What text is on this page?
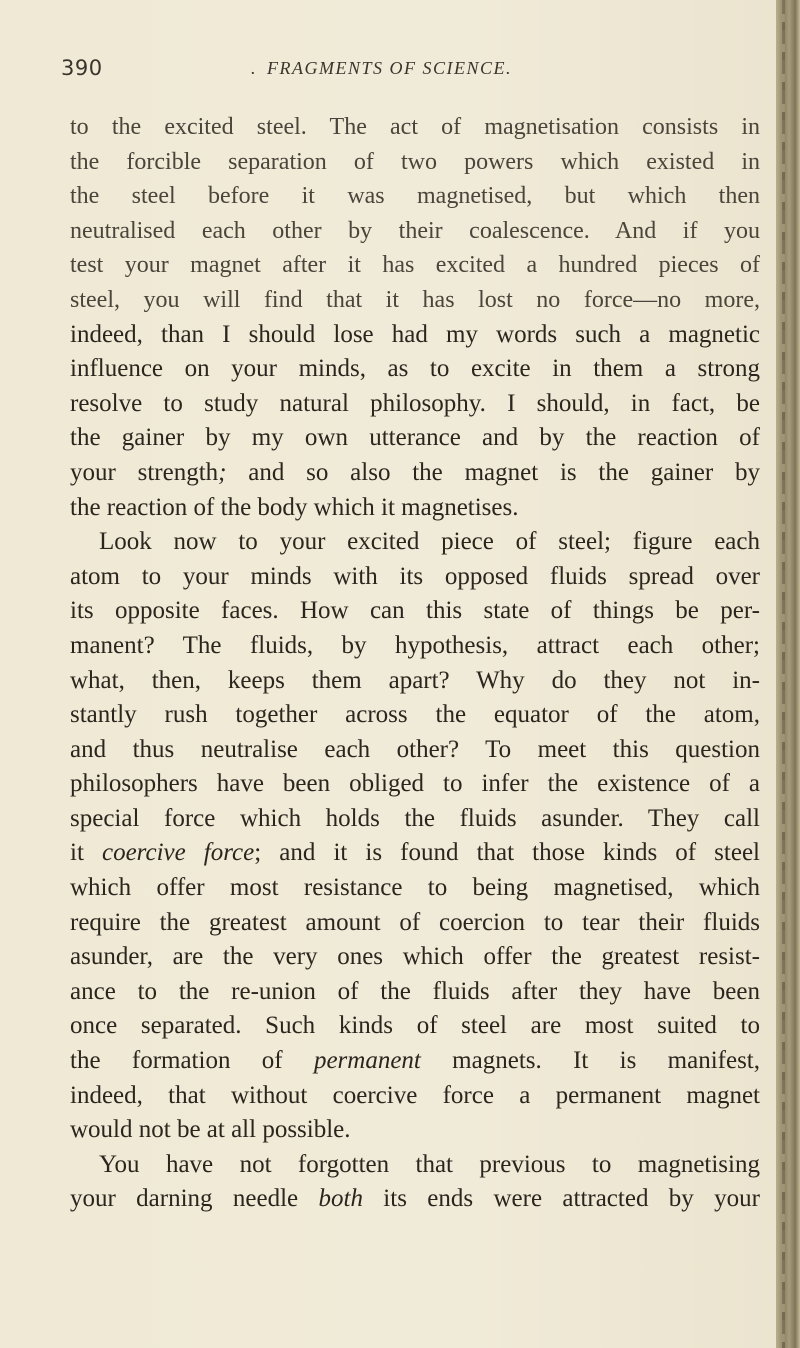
390	. FRAGMENTS OF SCIENCE.
to the excited steel. The act of magnetisation consists in
the forcible separation of two powers which existed in
the steel before it was magnetised, but which then
neutralised each other by their coalescence. And if you
test your magnet after it has excited a hundred pieces of
steel, you will find that it has lost no force—no more,
indeed, than I should lose had my words such a magnetic
influence on your minds, as to excite in them a strong
resolve to study natural philosophy. I should, in fact, be
the gainer by my own utterance and by the reaction of
your strength; and so also the magnet is the gainer by
the reaction of the body which it magnetises.
Look now to your excited piece of steel; figure each
atom to your minds with its opposed fluids spread over
its opposite faces. How can this state of things be per-
manent? The fluids, by hypothesis, attract each other;
what, then, keeps them apart? Why do they not in-
stantly rush together across the equator of the atom,
and thus neutralise each other? To meet this question
philosophers have been obliged to infer the existence of a
special force which holds the fluids asunder. They call
it coercive force; and it is found that those kinds of steel
which offer most resistance to being magnetised, which
require the greatest amount of coercion to tear their fluids
asunder, are the very ones which offer the greatest resist-
ance to the re-union of the fluids after they have been
once separated. Such kinds of steel are most suited to
the formation of permanent magnets. It is manifest,
indeed, that without coercive force a permanent magnet
would not be at all possible.
You have not forgotten that previous to magnetising
your darning needle both its ends were attracted by your
